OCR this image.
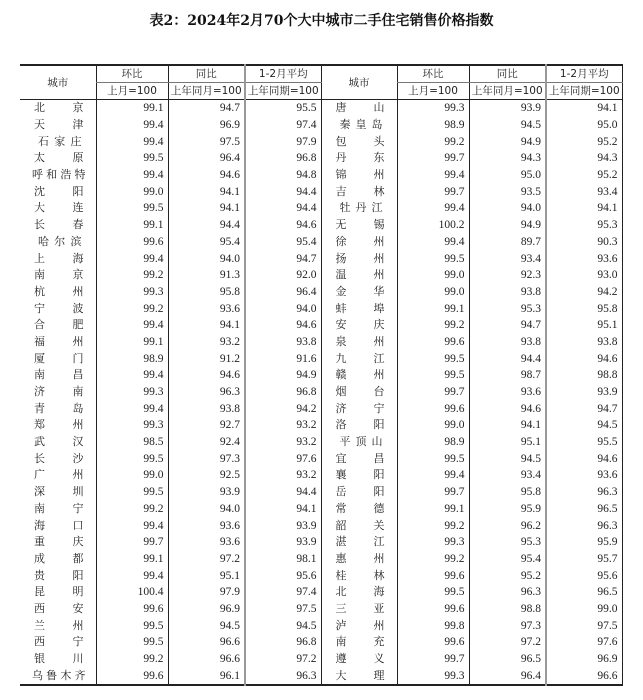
表2：2024年2月70个大中城市二手住宅销售价格指数
城市	环比	同比	1-2月平均	城市	环比	同比	1-2月平均
	上月=100	上年同月=100	上年同期=100		上月=100	上年同月=100	上年同期=100
北京	99.1	94.7	95.5	唐山	99.3	93.9	94.1
天津	99.4	96.9	97.4	秦皇岛	98.9	94.5	95.0
石家庄	99.4	97.5	97.9	包头	99.2	94.9	95.2
太原	99.5	96.4	96.8	丹东	99.7	94.3	94.3
呼和浩特	99.4	94.6	94.8	锦州	99.4	95.0	95.2
沈阳	99.0	94.1	94.4	吉林	99.7	93.5	93.4
大连	99.5	94.1	94.4	牡丹江	99.4	94.0	94.1
长春	99.1	94.4	94.6	无锡	100.2	94.9	95.3
哈尔滨	99.6	95.4	95.4	徐州	99.4	89.7	90.3
上海	99.4	94.0	94.7	扬州	99.5	93.4	93.6
南京	99.2	91.3	92.0	温州	99.0	92.3	93.0
杭州	99.3	95.8	96.4	金华	99.0	93.8	94.2
宁波	99.2	93.6	94.0	蚌埠	99.1	95.3	95.8
合肥	99.4	94.1	94.6	安庆	99.2	94.7	95.1
福州	99.1	93.2	93.8	泉州	99.6	93.8	93.8
厦门	98.9	91.2	91.6	九江	99.5	94.4	94.6
南昌	99.4	94.6	94.9	赣州	99.5	98.7	98.8
济南	99.3	96.3	96.8	烟台	99.7	93.6	93.9
青岛	99.4	93.8	94.2	济宁	99.6	94.6	94.7
郑州	99.3	92.7	93.2	洛阳	99.0	94.1	94.5
武汉	98.5	92.4	93.2	平顶山	98.9	95.1	95.5
长沙	99.5	97.3	97.6	宜昌	99.5	94.5	94.6
广州	99.0	92.5	93.2	襄阳	99.4	93.4	93.6
深圳	99.5	93.9	94.4	岳阳	99.7	95.8	96.3
南宁	99.2	94.0	94.1	常德	99.1	95.9	96.5
海口	99.4	93.6	93.9	韶关	99.2	96.2	96.3
重庆	99.7	93.6	93.9	湛江	99.3	95.3	95.9
成都	99.1	97.2	98.1	惠州	99.2	95.4	95.7
贵阳	99.4	95.1	95.6	桂林	99.6	95.2	95.6
昆明	100.4	97.9	97.4	北海	99.5	96.3	96.5
西安	99.6	96.9	97.5	三亚	99.6	98.8	99.0
兰州	99.5	94.5	94.5	泸州	99.8	97.3	97.5
西宁	99.5	96.6	96.8	南充	99.6	97.2	97.6
银川	99.2	96.6	97.2	遵义	99.7	96.5	96.9
乌鲁木齐	99.6	96.1	96.3	大理	99.3	96.4	96.6
